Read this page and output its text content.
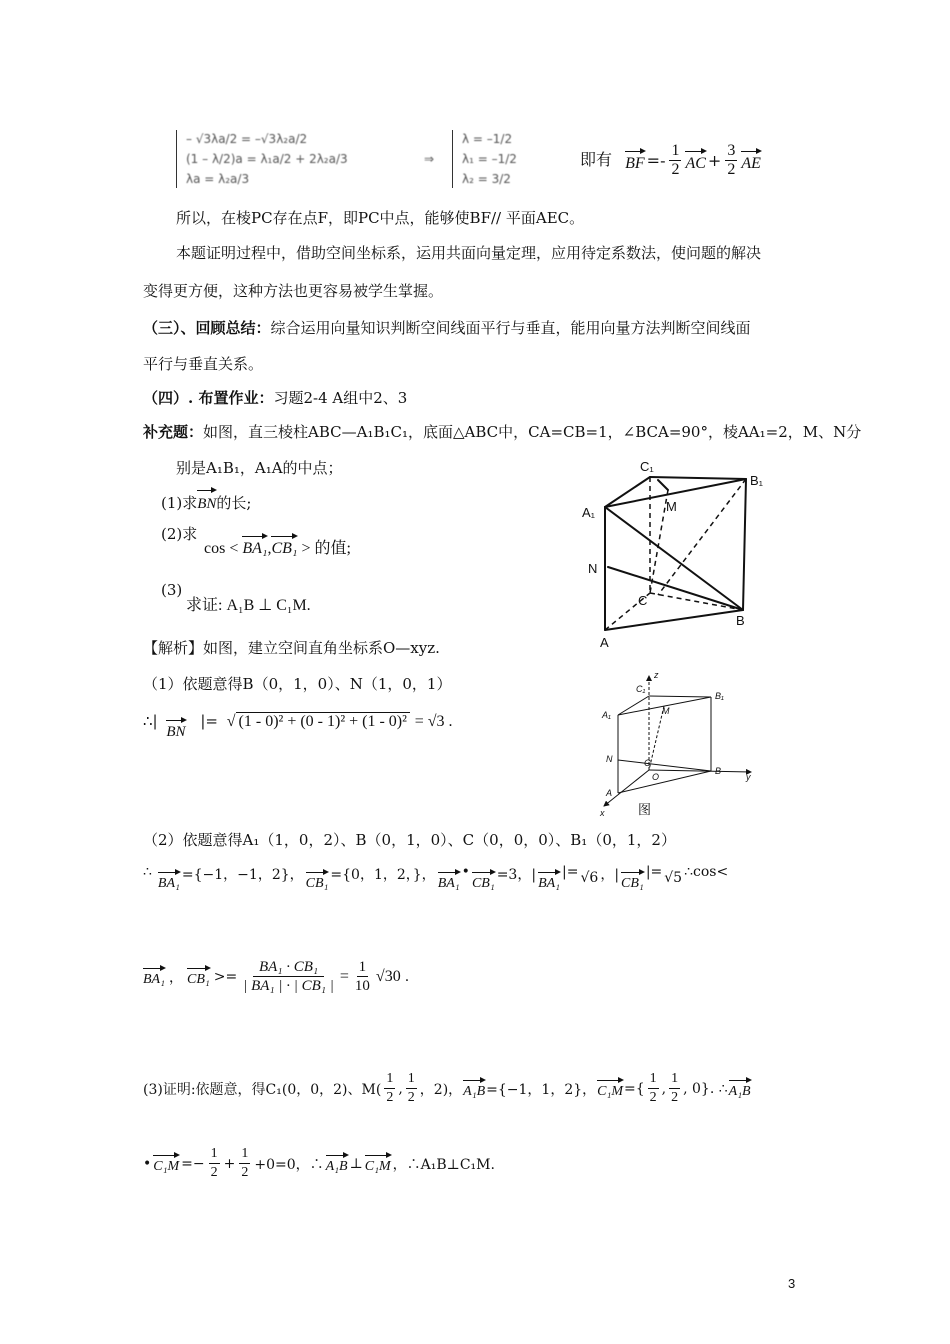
– √3λa/2 = –√3λ₂a/2
(1 – λ/2)a = λ₁a/2 + 2λ₂a/3
λa = λ₂a/3
⇒
λ = –1/2
λ₁ = –1/2
λ₂ = 3/2
即有 BF =- $\frac{1}{2}$ AC + $\frac{3}{2}$ AE
所以，在棱PC存在点F，即PC中点，能够使BF// 平面AEC。
本题证明过程中，借助空间坐标系，运用共面向量定理，应用待定系数法，使问题的解决
变得更方便，这种方法也更容易被学生掌握。
（三）、回顾总结：综合运用向量知识判断空间线面平行与垂直，能用向量方法判断空间线面
平行与垂直关系。
（四）. 布置作业：习题2-4 A组中2、3
补充题：如图，直三棱柱ABC—A₁B₁C₁，底面△ABC中，CA=CB=1，∠BCA=90°，棱AA₁=2，M、N分
别是A₁B₁，A₁A的中点；
(1)求BN的长;
(2)求
cos < BA₁,CB₁ > 的值;
(3)
求证: A₁B ⊥ C₁M.
C₁
B₁
A₁	M
N
C
B
A
【解析】如图，建立空间直角坐标系O—xyz.
（1）依题意得B（0，1，0）、N（1，0，1）
∴| BN |= √ (1 - 0)² + (0 - 1)² + (1 - 0)² = √3 .
z
C₁
B₁
A₁	M
N	C
O
B
y
A
x	图
（2）依题意得A₁（1，0，2）、B（0，1，0）、C（0，0，0）、B₁（0，1，2）
∴
BA₁
={−1，−1，2}，
CB₁
={0，1，2，}，
BA₁
•
CB₁
=3，|
BA₁
|= √6 ，|
CB₁
|= √5 ∴cos<
BA₁ ， $CB_1 >= \frac{\text{BA₁ · CB₁}}{\text{| BA₁ | · | CB₁ |}} = \frac{1}{10} √30$ .
(3)证明:依题意，得C₁(0，0，2)、$M( \frac{1}{2}$ , $\frac{1}{2}$ ，2)， A₁B ={−1，1，2}， C₁M ={ $\frac{1}{2}$ , $\frac{1}{2}$ , 0}. ∴ A₁B
• $C_1M =- \frac{1}{2} + \frac{1}{2} +0=0$，∴ A₁B ⊥ C₁M ，∴A₁B⊥C₁M.
3
